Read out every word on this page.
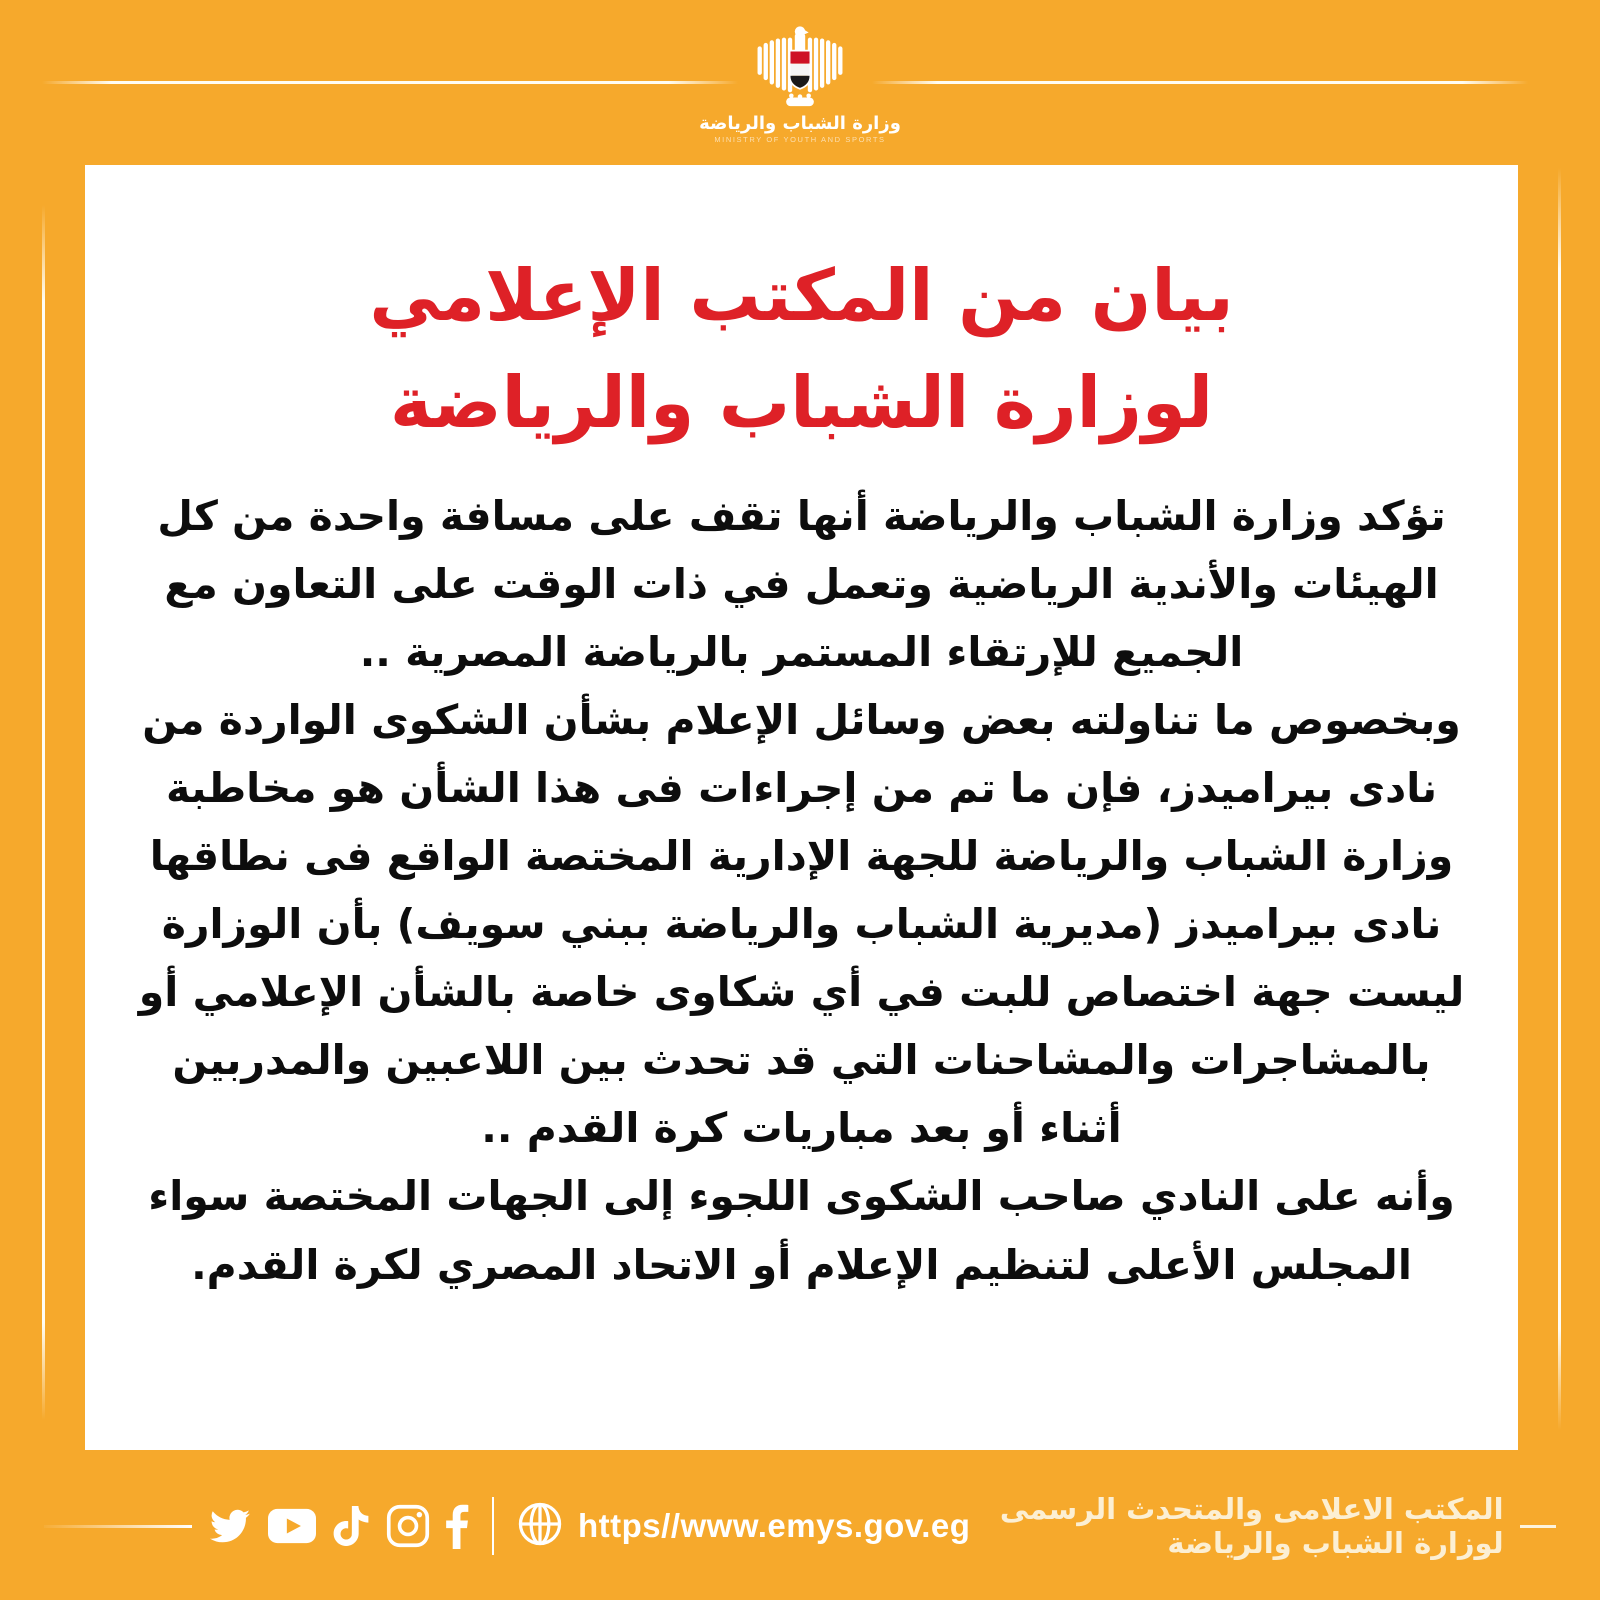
وزارة الشباب والرياضة
MINISTRY OF YOUTH AND SPORTS
بيان من المكتب الإعلامي لوزارة الشباب والرياضة

تؤكد وزارة الشباب والرياضة أنها تقف على مسافة واحدة من كل الهيئات والأندية الرياضية وتعمل في ذات الوقت على التعاون مع الجميع للإرتقاء المستمر بالرياضة المصرية ..

وبخصوص ما تناولته بعض وسائل الإعلام بشأن الشكوى الواردة من نادى بيراميدز، فإن ما تم من إجراءات فى هذا الشأن هو مخاطبة وزارة الشباب والرياضة للجهة الإدارية المختصة الواقع فى نطاقها نادى بيراميدز (مديرية الشباب والرياضة ببني سويف) بأن الوزارة ليست جهة اختصاص للبت في أي شكاوى خاصة بالشأن الإعلامي أو بالمشاجرات والمشاحنات التي قد تحدث بين اللاعبين والمدربين أثناء أو بعد مباريات كرة القدم ..

وأنه على النادي صاحب الشكوى اللجوء إلى الجهات المختصة سواء المجلس الأعلى لتنظيم الإعلام أو الاتحاد المصري لكرة القدم.

https//www.emys.gov.eg	المكتب الاعلامى والمتحدث الرسمى لوزارة الشباب والرياضة
